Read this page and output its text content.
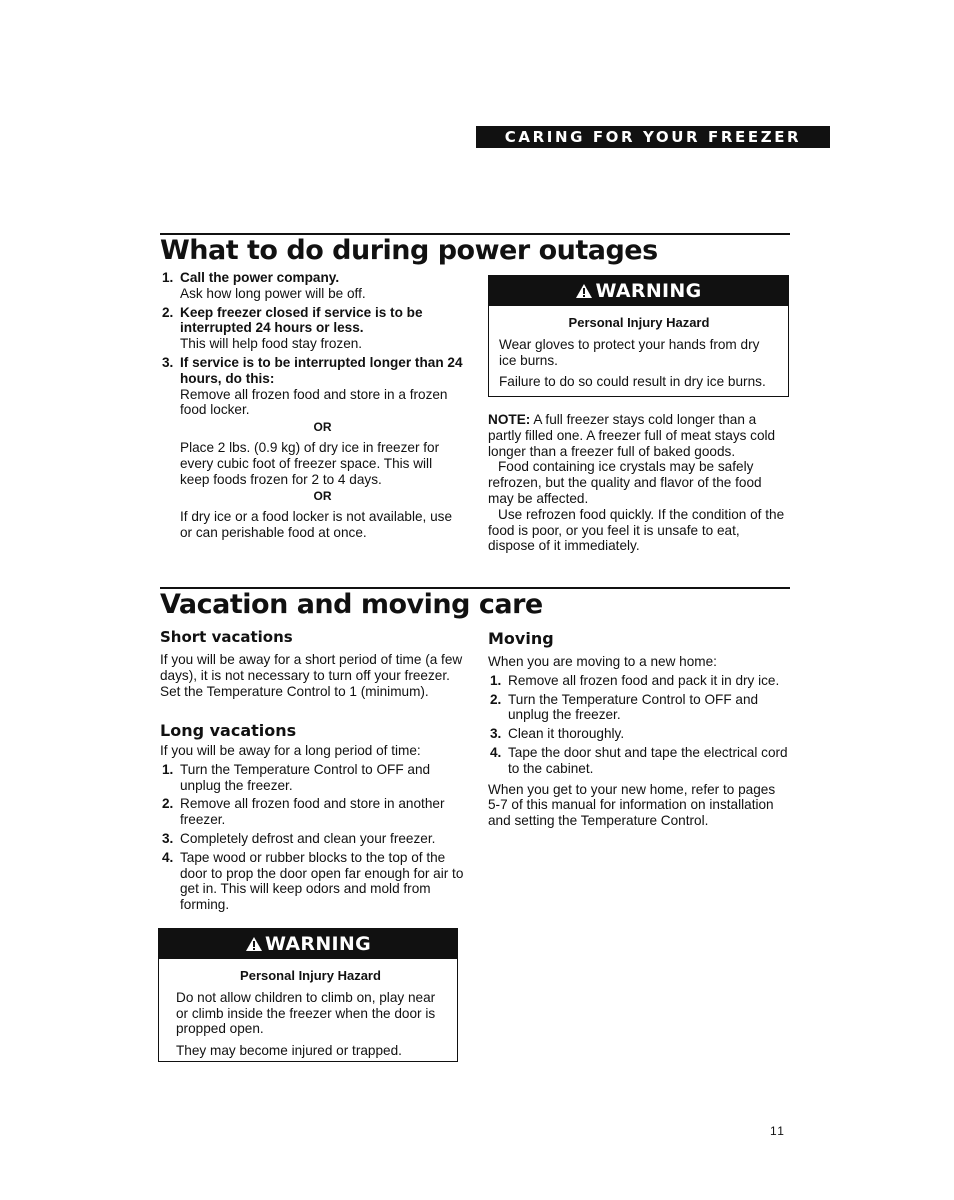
CARING FOR YOUR FREEZER
What to do during power outages
1. Call the power company.

Ask how long power will be off.

2. Keep freezer closed if service is to be interrupted 24 hours or less.

This will help food stay frozen.

3. If service is to be interrupted longer than 24 hours, do this:

Remove all frozen food and store in a frozen food locker.

OR

Place 2 lbs. (0.9 kg) of dry ice in freezer for every cubic foot of freezer space. This will keep foods frozen for 2 to 4 days.

OR

If dry ice or a food locker is not available, use or can perishable food at once.

WARNING

Personal Injury Hazard

Wear gloves to protect your hands from dry ice burns.

Failure to do so could result in dry ice burns.

NOTE: A full freezer stays cold longer than a partly filled one. A freezer full of meat stays cold longer than a freezer full of baked goods.

Food containing ice crystals may be safely refrozen, but the quality and flavor of the food may be affected.

Use refrozen food quickly. If the condition of the food is poor, or you feel it is unsafe to eat, dispose of it immediately.

Vacation and moving care
Short vacations

If you will be away for a short period of time (a few days), it is not necessary to turn off your freezer. Set the Temperature Control to 1 (minimum).

Long vacations

If you will be away for a long period of time:

1. Turn the Temperature Control to OFF and unplug the freezer.

2. Remove all frozen food and store in another freezer.

3. Completely defrost and clean your freezer.

4. Tape wood or rubber blocks to the top of the door to prop the door open far enough for air to get in. This will keep odors and mold from forming.

WARNING

Personal Injury Hazard

Do not allow children to climb on, play near or climb inside the freezer when the door is propped open.

They may become injured or trapped.

Moving

When you are moving to a new home:

1. Remove all frozen food and pack it in dry ice.

2. Turn the Temperature Control to OFF and unplug the freezer.

3. Clean it thoroughly.

4. Tape the door shut and tape the electrical cord to the cabinet.

When you get to your new home, refer to pages 5-7 of this manual for information on installation and setting the Temperature Control.

11
